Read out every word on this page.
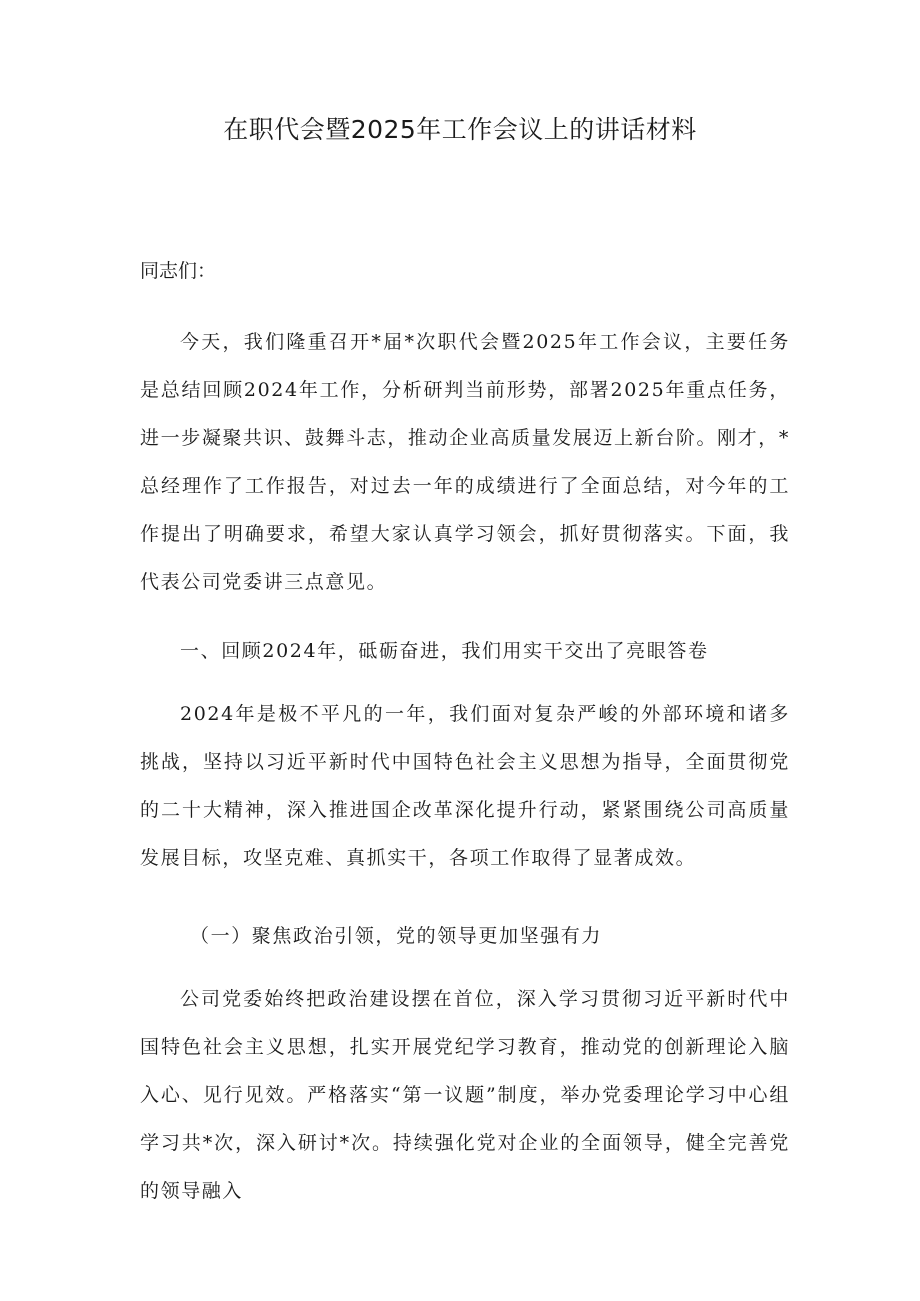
在职代会暨2025年工作会议上的讲话材料
同志们：

今天，我们隆重召开*届*次职代会暨2025年工作会议，主要任务是总结回顾2024年工作，分析研判当前形势，部署2025年重点任务，进一步凝聚共识、鼓舞斗志，推动企业高质量发展迈上新台阶。刚才，*总经理作了工作报告，对过去一年的成绩进行了全面总结，对今年的工作提出了明确要求，希望大家认真学习领会，抓好贯彻落实。下面，我代表公司党委讲三点意见。

一、回顾2024年，砥砺奋进，我们用实干交出了亮眼答卷

2024年是极不平凡的一年，我们面对复杂严峻的外部环境和诸多挑战，坚持以习近平新时代中国特色社会主义思想为指导，全面贯彻党的二十大精神，深入推进国企改革深化提升行动，紧紧围绕公司高质量发展目标，攻坚克难、真抓实干，各项工作取得了显著成效。

（一）聚焦政治引领，党的领导更加坚强有力

公司党委始终把政治建设摆在首位，深入学习贯彻习近平新时代中国特色社会主义思想，扎实开展党纪学习教育，推动党的创新理论入脑入心、见行见效。严格落实“第一议题”制度，举办党委理论学习中心组学习共*次，深入研讨*次。持续强化党对企业的全面领导，健全完善党的领导融入
